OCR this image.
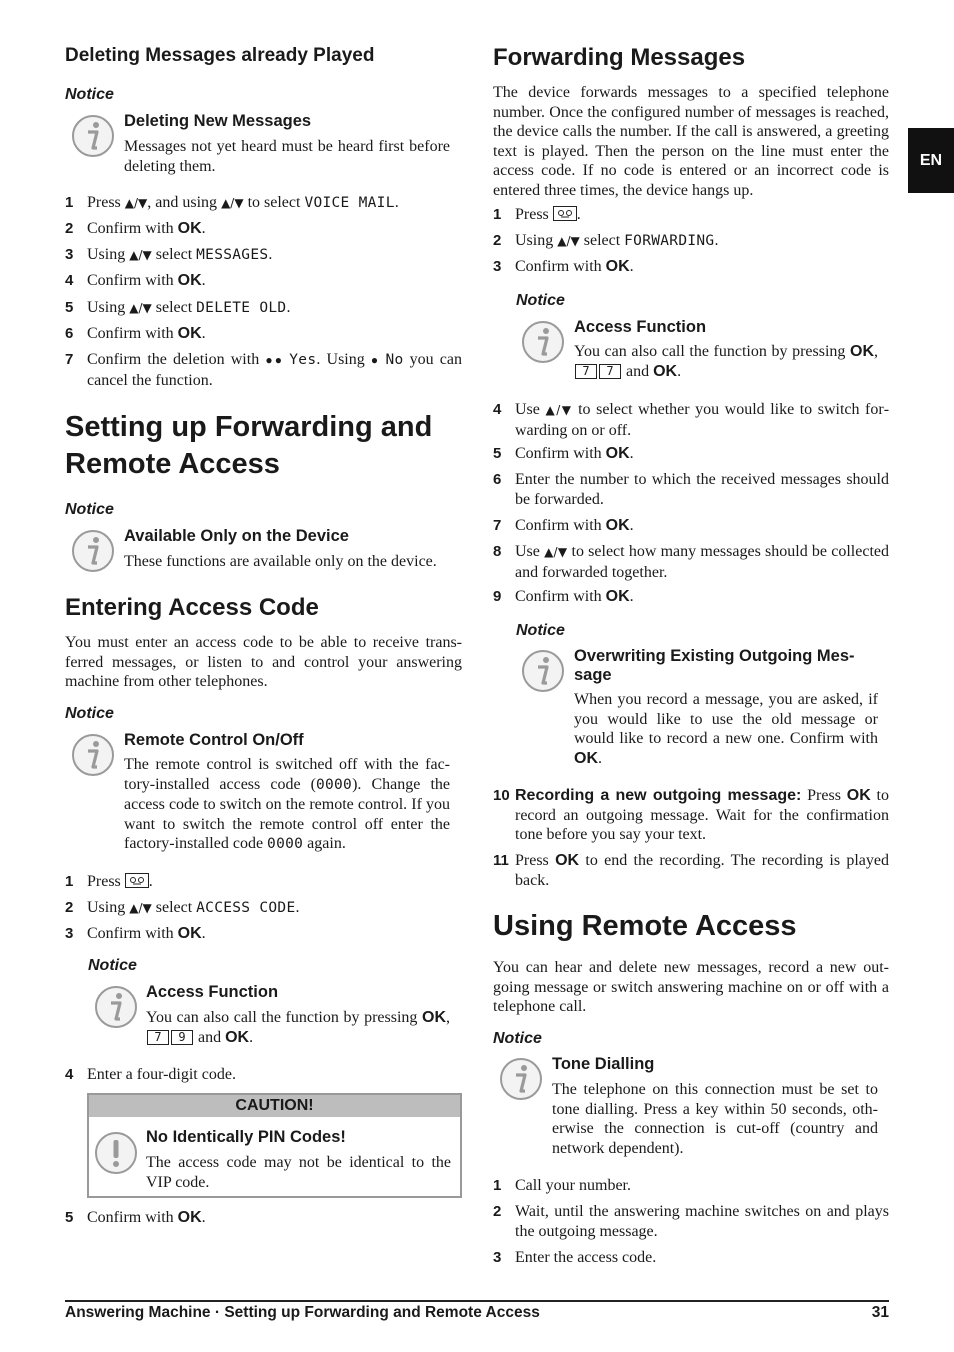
EN
Deleting Messages already Played
Notice
Deleting New Messages
Messages not yet heard must be heard first before deleting them.
1 Press ▲/▼, and using ▲/▼ to select VOICE MAIL.
2 Confirm with OK.
3 Using ▲/▼ select MESSAGES.
4 Confirm with OK.
5 Using ▲/▼ select DELETE OLD.
6 Confirm with OK.
7 Confirm the deletion with ●● Yes. Using ● No you can cancel the function.
Setting up Forwarding and
Remote Access
Notice
Available Only on the Device
These functions are available only on the device.
Entering Access Code
You must enter an access code to be able to receive transferred messages, or listen to and control your answering machine from other telephones.
Notice
Remote Control On/Off
The remote control is switched off with the factory-installed access code (0000). Change the access code to switch on the remote control. If you want to switch the remote control off enter the factory-installed code 0000 again.
1 Press .
2 Using ▲/▼ select ACCESS CODE.
3 Confirm with OK.
Notice
Access Function
You can also call the function by pressing OK, 7 9 and OK.
4 Enter a four-digit code.
CAUTION!
No Identically PIN Codes!
The access code may not be identical to the VIP code.
5 Confirm with OK.
Forwarding Messages
The device forwards messages to a specified telephone number. Once the configured number of messages is reached, the device calls the number. If the call is answered, a greeting text is played. Then the person on the line must enter the access code. If no code is entered or an incorrect code is entered three times, the device hangs up.
1 Press .
2 Using ▲/▼ select FORWARDING.
3 Confirm with OK.
Notice
Access Function
You can also call the function by pressing OK, 7 7 and OK.
4 Use ▲/▼ to select whether you would like to switch forwarding on or off.
5 Confirm with OK.
6 Enter the number to which the received messages should be forwarded.
7 Confirm with OK.
8 Use ▲/▼ to select how many messages should be collected and forwarded together.
9 Confirm with OK.
Notice
Overwriting Existing Outgoing Message
When you record a message, you are asked, if you would like to use the old message or would like to record a new one. Confirm with OK.
10 Recording a new outgoing message: Press OK to record an outgoing message. Wait for the confirmation tone before you say your text.
11 Press OK to end the recording. The recording is played back.
Using Remote Access
You can hear and delete new messages, record a new outgoing message or switch answering machine on or off with a telephone call.
Notice
Tone Dialling
The telephone on this connection must be set to tone dialling. Press a key within 50 seconds, otherwise the connection is cut-off (country and network dependent).
1 Call your number.
2 Wait, until the answering machine switches on and plays the outgoing message.
3 Enter the access code.
Answering Machine · Setting up Forwarding and Remote Access	31
